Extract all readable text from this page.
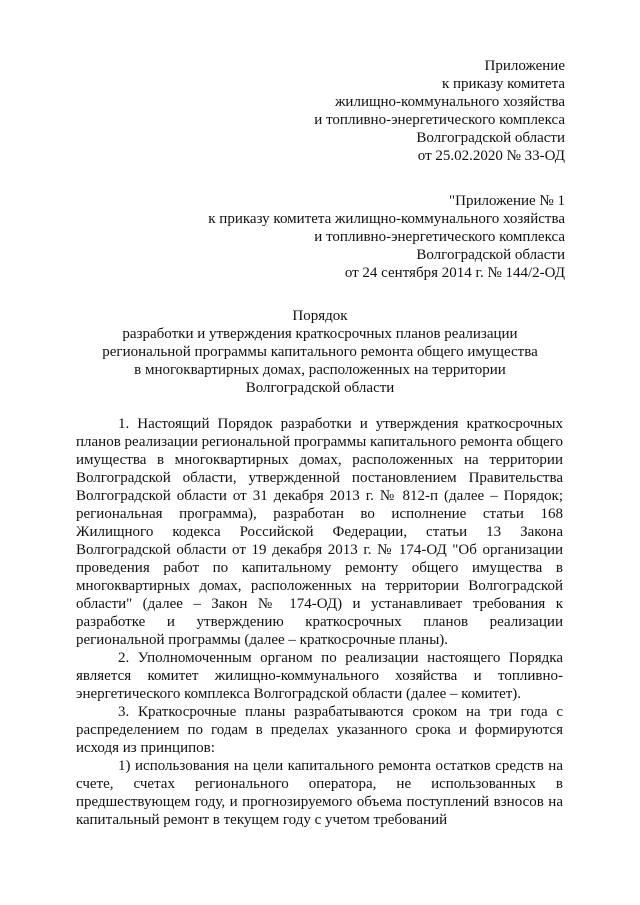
Приложение
к приказу комитета
жилищно-коммунального хозяйства
и топливно-энергетического комплекса
Волгоградской области
от 25.02.2020 № 33-ОД
"Приложение № 1
к приказу комитета жилищно-коммунального хозяйства
и топливно-энергетического комплекса
Волгоградской области
от 24 сентября 2014 г. № 144/2-ОД
Порядок
разработки и утверждения краткосрочных планов реализации
региональной программы капитального ремонта общего имущества
в многоквартирных домах, расположенных на территории
Волгоградской области

1. Настоящий Порядок разработки и утверждения краткосрочных планов реализации региональной программы капитального ремонта общего имущества в многоквартирных домах, расположенных на территории Волгоградской области, утвержденной постановлением Правительства Волгоградской области от 31 декабря 2013 г. № 812-п (далее – Порядок; региональная программа), разработан во исполнение статьи 168 Жилищного кодекса Российской Федерации, статьи 13 Закона Волгоградской области от 19 декабря 2013 г. № 174-ОД "Об организации проведения работ по капитальному ремонту общего имущества в многоквартирных домах, расположенных на территории Волгоградской области" (далее – Закон № 174-ОД) и устанавливает требования к разработке и утверждению краткосрочных планов реализации региональной программы (далее – краткосрочные планы).

2. Уполномоченным органом по реализации настоящего Порядка является комитет жилищно-коммунального хозяйства и топливно-энергетического комплекса Волгоградской области (далее – комитет).

3. Краткосрочные планы разрабатываются сроком на три года с распределением по годам в пределах указанного срока и формируются исходя из принципов:

1) использования на цели капитального ремонта остатков средств на счете, счетах регионального оператора, не использованных в предшествующем году, и прогнозируемого объема поступлений взносов на капитальный ремонт в текущем году с учетом требований
